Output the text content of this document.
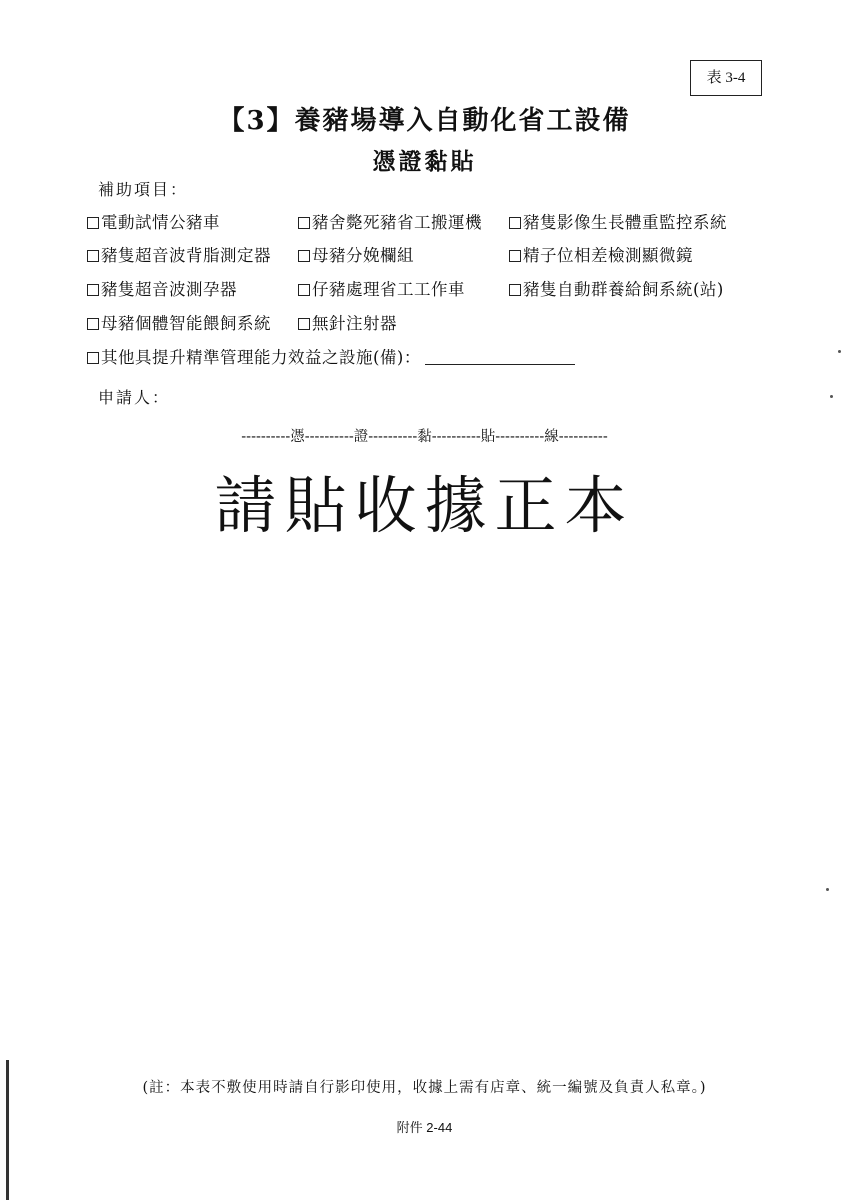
表 3-4
【3】養豬場導入自動化省工設備
憑證黏貼
補助項目：
電動試情公豬車	豬舍斃死豬省工搬運機	豬隻影像生長體重監控系統
豬隻超音波背脂測定器	母豬分娩欄組	精子位相差檢測顯微鏡
豬隻超音波測孕器	仔豬處理省工工作車	豬隻自動群養給飼系統(站)
母豬個體智能餵飼系統	無針注射器
其他具提升精準管理能力效益之設施(備)：
申請人：
----------憑----------證----------黏----------貼----------線----------
請貼收據正本
(註：本表不敷使用時請自行影印使用，收據上需有店章、統一編號及負責人私章。)
附件 2-44
